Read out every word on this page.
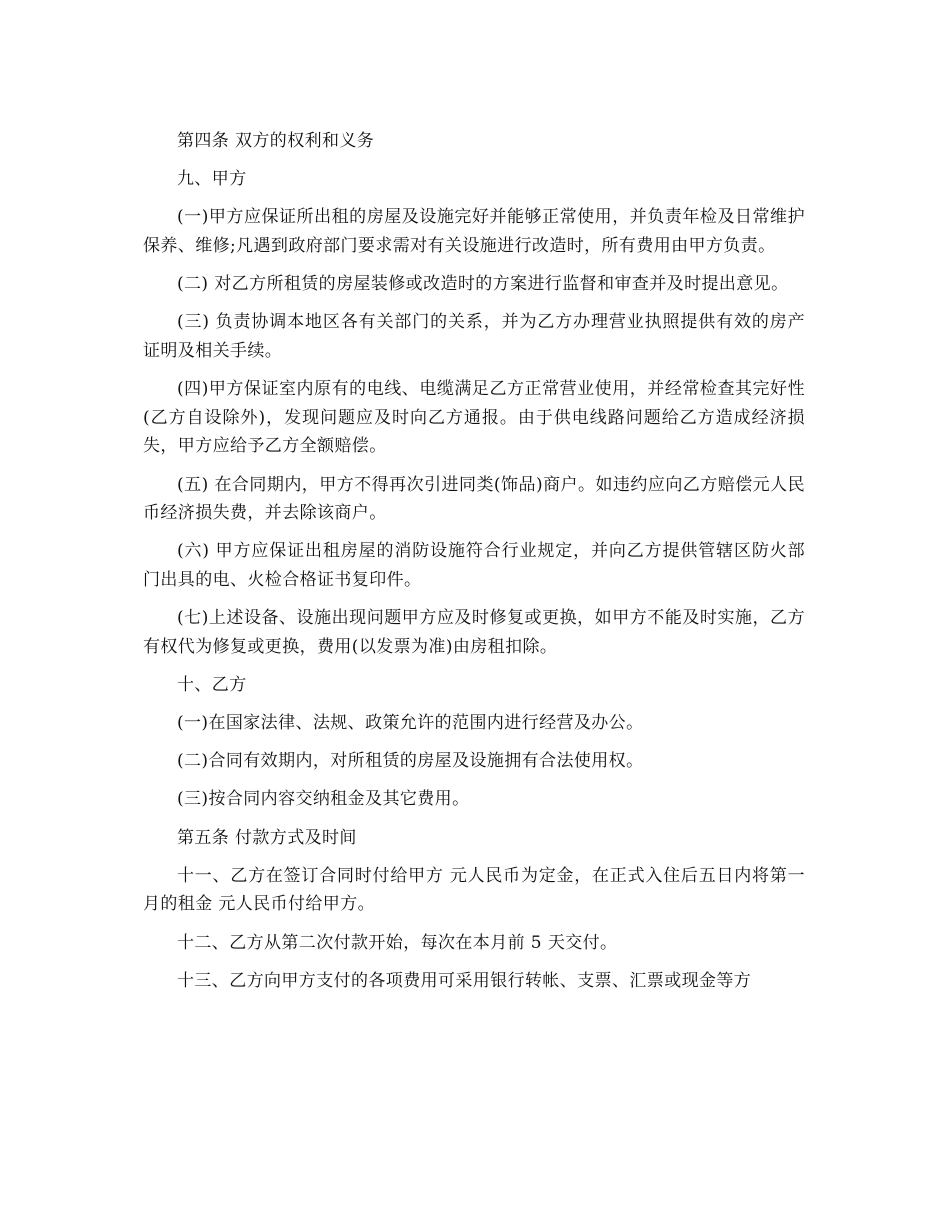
第四条 双方的权利和义务

九、甲方

(一)甲方应保证所出租的房屋及设施完好并能够正常使用，并负责年检及日常维护保养、维修;凡遇到政府部门要求需对有关设施进行改造时，所有费用由甲方负责。

(二) 对乙方所租赁的房屋装修或改造时的方案进行监督和审查并及时提出意见。

(三) 负责协调本地区各有关部门的关系，并为乙方办理营业执照提供有效的房产证明及相关手续。

(四)甲方保证室内原有的电线、电缆满足乙方正常营业使用，并经常检查其完好性(乙方自设除外)，发现问题应及时向乙方通报。由于供电线路问题给乙方造成经济损失，甲方应给予乙方全额赔偿。

(五) 在合同期内，甲方不得再次引进同类(饰品)商户。如违约应向乙方赔偿元人民币经济损失费，并去除该商户。

(六) 甲方应保证出租房屋的消防设施符合行业规定，并向乙方提供管辖区防火部门出具的电、火检合格证书复印件。

(七)上述设备、设施出现问题甲方应及时修复或更换，如甲方不能及时实施，乙方有权代为修复或更换，费用(以发票为准)由房租扣除。

十、乙方

(一)在国家法律、法规、政策允许的范围内进行经营及办公。

(二)合同有效期内，对所租赁的房屋及设施拥有合法使用权。

(三)按合同内容交纳租金及其它费用。

第五条 付款方式及时间

十一、乙方在签订合同时付给甲方 元人民币为定金，在正式入住后五日内将第一月的租金 元人民币付给甲方。

十二、乙方从第二次付款开始，每次在本月前 5 天交付。

十三、乙方向甲方支付的各项费用可采用银行转帐、支票、汇票或现金等方
